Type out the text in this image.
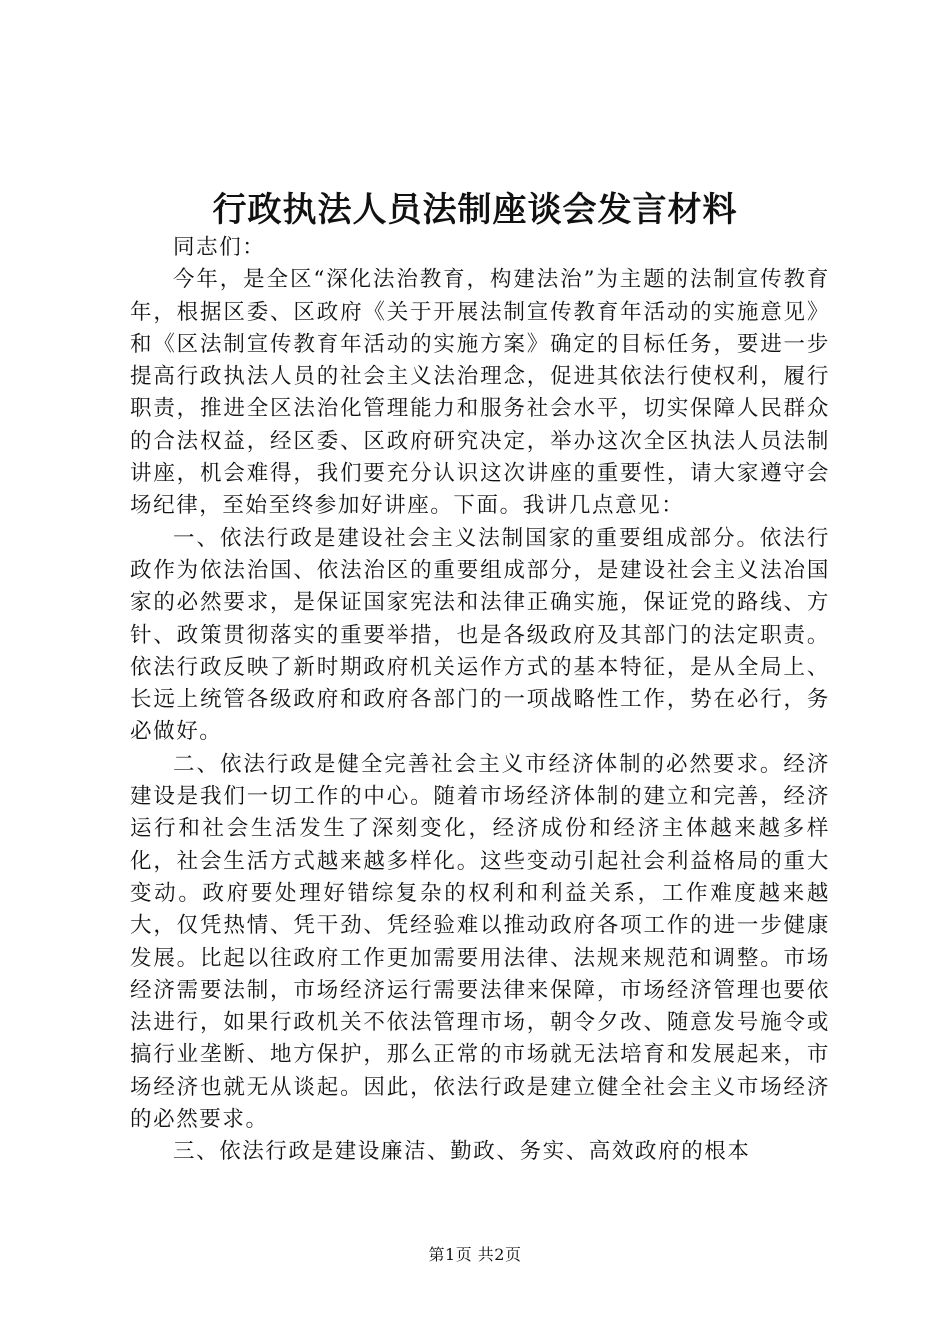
行政执法人员法制座谈会发言材料

同志们：

今年，是全区“深化法治教育，构建法治”为主题的法制宣传教育年，根据区委、区政府《关于开展法制宣传教育年活动的实施意见》和《区法制宣传教育年活动的实施方案》确定的目标任务，要进一步提高行政执法人员的社会主义法治理念，促进其依法行使权利，履行职责，推进全区法治化管理能力和服务社会水平，切实保障人民群众的合法权益，经区委、区政府研究决定，举办这次全区执法人员法制讲座，机会难得，我们要充分认识这次讲座的重要性，请大家遵守会场纪律，至始至终参加好讲座。下面。我讲几点意见：

一、依法行政是建设社会主义法制国家的重要组成部分。依法行政作为依法治国、依法治区的重要组成部分，是建设社会主义法冶国家的必然要求，是保证国家宪法和法律正确实施，保证党的路线、方针、政策贯彻落实的重要举措，也是各级政府及其部门的法定职责。依法行政反映了新时期政府机关运作方式的基本特征，是从全局上、长远上统管各级政府和政府各部门的一项战略性工作，势在必行，务必做好。

二、依法行政是健全完善社会主义市经济体制的必然要求。经济建设是我们一切工作的中心。随着市场经济体制的建立和完善，经济运行和社会生活发生了深刻变化，经济成份和经济主体越来越多样化，社会生活方式越来越多样化。这些变动引起社会利益格局的重大变动。政府要处理好错综复杂的权利和利益关系，工作难度越来越大，仅凭热情、凭干劲、凭经验难以推动政府各项工作的进一步健康发展。比起以往政府工作更加需要用法律、法规来规范和调整。市场经济需要法制，市场经济运行需要法律来保障，市场经济管理也要依法进行，如果行政机关不依法管理市场，朝令夕改、随意发号施令或搞行业垄断、地方保护，那么正常的市场就无法培育和发展起来，市场经济也就无从谈起。因此，依法行政是建立健全社会主义市场经济的必然要求。

三、依法行政是建设廉洁、勤政、务实、高效政府的根本

第1页 共2页
